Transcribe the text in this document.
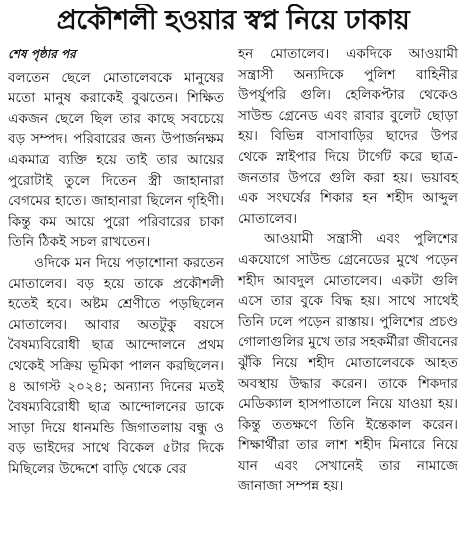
প্রকৌশলী হওয়ার স্বপ্ন নিয়ে ঢাকায়
শেষ পৃষ্ঠার পর

বলতেন ছেলে মোতালেবকে মানুষের মতো মানুষ করাকেই বুঝতেন। শিক্ষিত একজন ছেলে ছিল তার কাছে সবচেয়ে বড় সম্পদ। পরিবারের জন্য উপার্জনক্ষম একমাত্র ব্যক্তি হয়ে তাই তার আয়ের পুরোটাই তুলে দিতেন স্ত্রী জাহানারা বেগমের হাতে। জাহানারা ছিলেন গৃহিণী। কিন্তু কম আয়ে পুরো পরিবারের চাকা তিনি ঠিকই সচল রাখতেন।

ওদিকে মন দিয়ে পড়াশোনা করতেন মোতালেব। বড় হয়ে তাকে প্রকৌশলী হতেই হবে। অষ্টম শ্রেণীতে পড়ছিলেন মোতালেব। আবার অতটুকু বয়সে বৈষম্যবিরোধী ছাত্র আন্দোলনে প্রথম থেকেই সক্রিয় ভূমিকা পালন করছিলেন। ৪ আগস্ট ২০২৪; অন্যান্য দিনের মতই বৈষম্যবিরোধী ছাত্র আন্দোলনের ডাকে সাড়া দিয়ে ধানমন্ডি জিগাতলায় বন্ধু ও বড় ভাইদের সাথে বিকেল ৫টার দিকে মিছিলের উদ্দেশে বাড়ি থেকে বের

হন মোতালেব। একদিকে আওয়ামী সন্ত্রাসী অন্যদিকে পুলিশ বাহিনীর উপর্যুপরি গুলি। হেলিকপ্টার থেকেও সাউন্ড গ্রেনেড এবং রাবার বুলেট ছোড়া হয়। বিভিন্ন বাসাবাড়ির ছাদের উপর থেকে স্নাইপার দিয়ে টার্গেট করে ছাত্র-জনতার উপরে গুলি করা হয়। ভয়াবহ এক সংঘর্ষের শিকার হন শহীদ আব্দুল মোতালেব।

আওয়ামী সন্ত্রাসী এবং পুলিশের একযোগে সাউন্ড গ্রেনেডের মুখে পড়েন শহীদ আবদুল মোতালেব। একটা গুলি এসে তার বুকে বিদ্ধ হয়। সাথে সাথেই তিনি ঢলে পড়েন রাস্তায়। পুলিশের প্রচণ্ড গোলাগুলির মুখে তার সহকর্মীরা জীবনের ঝুঁকি নিয়ে শহীদ মোতালেবকে আহত অবস্থায় উদ্ধার করেন। তাকে শিকদার মেডিক্যাল হাসপাতালে নিয়ে যাওয়া হয়। কিন্তু ততক্ষণে তিনি ইন্তেকাল করেন। শিক্ষার্থীরা তার লাশ শহীদ মিনারে নিয়ে যান এবং সেখানেই তার নামাজে জানাজা সম্পন্ন হয়।
